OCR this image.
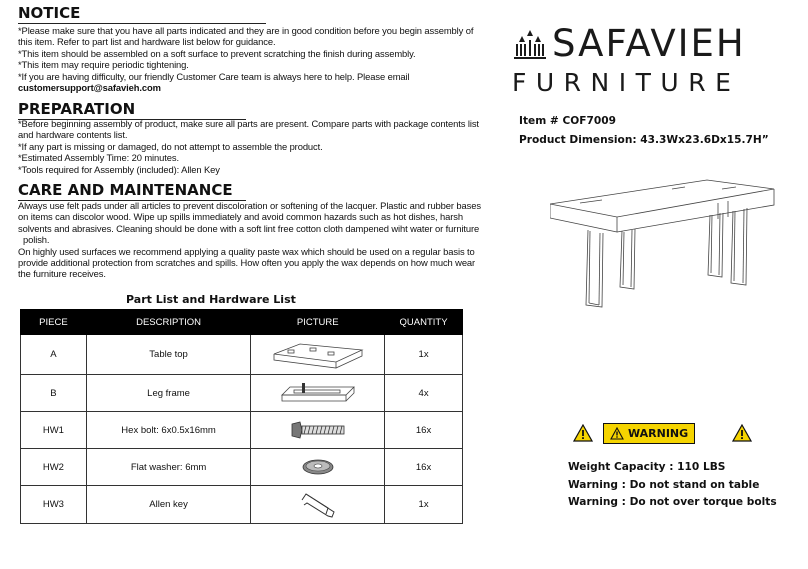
NOTICE
*Please make sure that you have all parts indicated and they are in good condition before you begin assembly of
this item. Refer to part list and hardware list below for guidance.
*This item should be assembled on a soft surface to prevent scratching the finish during assembly.
*This item may require periodic tightening.
*If you are having difficulty, our friendly Customer Care team is always here to help. Please email
customersupport@safavieh.com
PREPARATION
*Before beginning assembly of product, make sure all parts are present. Compare parts with package contents list
and hardware contents list.
*If any part is missing or damaged, do not attempt to assemble the product.
*Estimated Assembly Time: 20 minutes.
*Tools required for Assembly (included): Allen Key
CARE AND MAINTENANCE
Always use felt pads under all articles to prevent discoloration or softening of the lacquer. Plastic and rubber bases
on items can discolor wood. Wipe up spills immediately and avoid common hazards such as hot dishes, harsh
solvents and abrasives. Cleaning should be done with a soft lint free cotton cloth dampened wiht water or furniture
polish.
On highly used surfaces we recommend applying a quality paste wax which should be used on a regular basis to
provide additional protection from scratches and spills. How often you apply the wax depends on how much wear
the furniture receives.
SAFAVIEH
FURNITURE
Item # COF7009
Product Dimension: 43.3Wx23.6Dx15.7H”
Part List and Hardware List
PIECE	DESCRIPTION	PICTURE	QUANTITY
A	Table top		1x
B	Leg frame		4x
HW1	Hex bolt: 6x0.5x16mm		16x
HW2	Flat washer: 6mm		16x
HW3	Allen key		1x
WARNING
Weight Capacity : 110 LBS
Warning : Do not stand on table
Warning : Do not over torque bolts
